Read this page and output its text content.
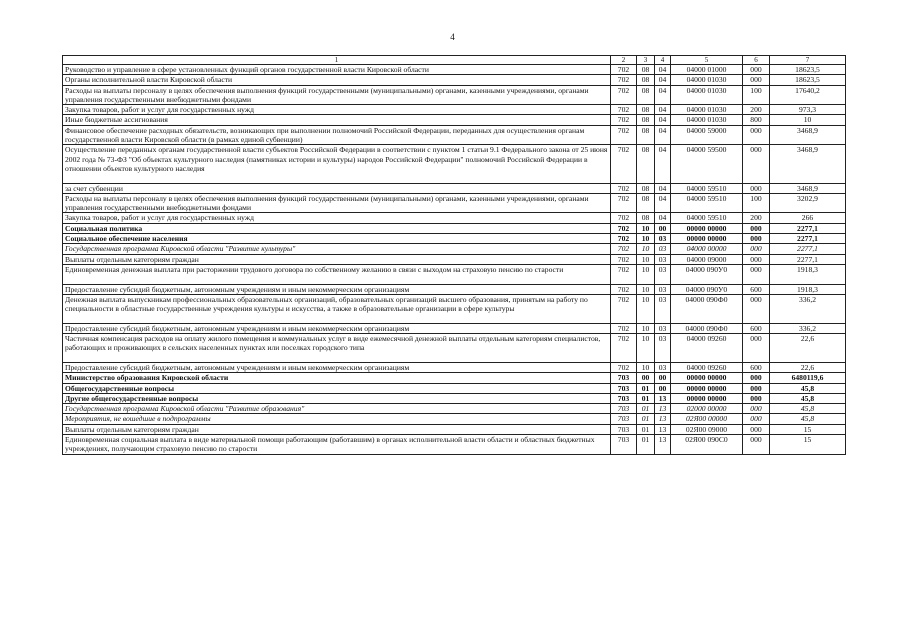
4
1	2	3	4	5	6	7
Руководство и управление в сфере установленных функций органов государственной власти Кировской области	702	08	04	04000 01000	000	18623,5
Органы исполнительной власти Кировской области	702	08	04	04000 01030	000	18623,5
Расходы на выплаты персоналу в целях обеспечения выполнения функций государственными (муниципальными) органами, казенными учреждениями, органами управления государственными внебюджетными фондами	702	08	04	04000 01030	100	17640,2
Закупка товаров, работ и услуг для государственных нужд	702	08	04	04000 01030	200	973,3
Иные бюджетные ассигнования	702	08	04	04000 01030	800	10
Финансовое обеспечение расходных обязательств, возникающих при выполнении полномочий Российской Федерации, переданных для осуществления органам государственной власти Кировской области (в рамках единой субвенции)	702	08	04	04000 59000	000	3468,9
Осуществление переданных органам государственной власти субъектов Российской Федерации в соответствии с пунктом 1 статьи 9.1 Федерального закона от 25 июня 2002 года № 73-ФЗ "Об объектах культурного наследия (памятниках истории и культуры) народов Российской Федерации" полномочий Российской Федерации в отношении объектов культурного наследия	702	08	04	04000 59500	000	3468,9
за счет субвенции	702	08	04	04000 59510	000	3468,9
Расходы на выплаты персоналу в целях обеспечения выполнения функций государственными (муниципальными) органами, казенными учреждениями, органами управления государственными внебюджетными фондами	702	08	04	04000 59510	100	3202,9
Закупка товаров, работ и услуг для государственных нужд	702	08	04	04000 59510	200	266
Социальная политика	702	10	00	00000 00000	000	2277,1
Социальное обеспечение населения	702	10	03	00000 00000	000	2277,1
Государственная программа Кировской области "Развитие культуры"	702	10	03	04000 00000	000	2277,1
Выплаты отдельным категориям граждан	702	10	03	04000 09000	000	2277,1
Единовременная денежная выплата при расторжении трудового договора по собственному желанию в связи с выходом на страховую пенсию по старости	702	10	03	04000 090У0	000	1918,3
Предоставление субсидий бюджетным, автономным учреждениям и иным некоммерческим организациям	702	10	03	04000 090У0	600	1918,3
Денежная выплата выпускникам профессиональных образовательных организаций, образовательных организаций высшего образования, принятым на работу по специальности в областные государственные учреждения культуры и искусства, а также в образовательные организации в сфере культуры	702	10	03	04000 090Ф0	000	336,2
Предоставление субсидий бюджетным, автономным учреждениям и иным некоммерческим организациям	702	10	03	04000 090Ф0	600	336,2
Частичная компенсация расходов на оплату жилого помещения и коммунальных услуг в виде ежемесячной денежной выплаты отдельным категориям специалистов, работающих и проживающих в сельских населенных пунктах или поселках городского типа	702	10	03	04000 09260	000	22,6
Предоставление субсидий бюджетным, автономным учреждениям и иным некоммерческим организациям	702	10	03	04000 09260	600	22,6
Министерство образования Кировской области	703	00	00	00000 00000	000	6480119,6
Общегосударственные вопросы	703	01	00	00000 00000	000	45,8
Другие общегосударственные вопросы	703	01	13	00000 00000	000	45,8
Государственная программа Кировской области "Развитие образования"	703	01	13	02000 00000	000	45,8
Мероприятия, не вошедшие в подпрограммы	703	01	13	02Я00 00000	000	45,8
Выплаты отдельным категориям граждан	703	01	13	02Я00 09000	000	15
Единовременная социальная выплата в виде материальной помощи работающим (работавшим) в органах исполнительной власти области и областных бюджетных учреждениях, получающим страховую пенсию по старости	703	01	13	02Я00 090С0	000	15
